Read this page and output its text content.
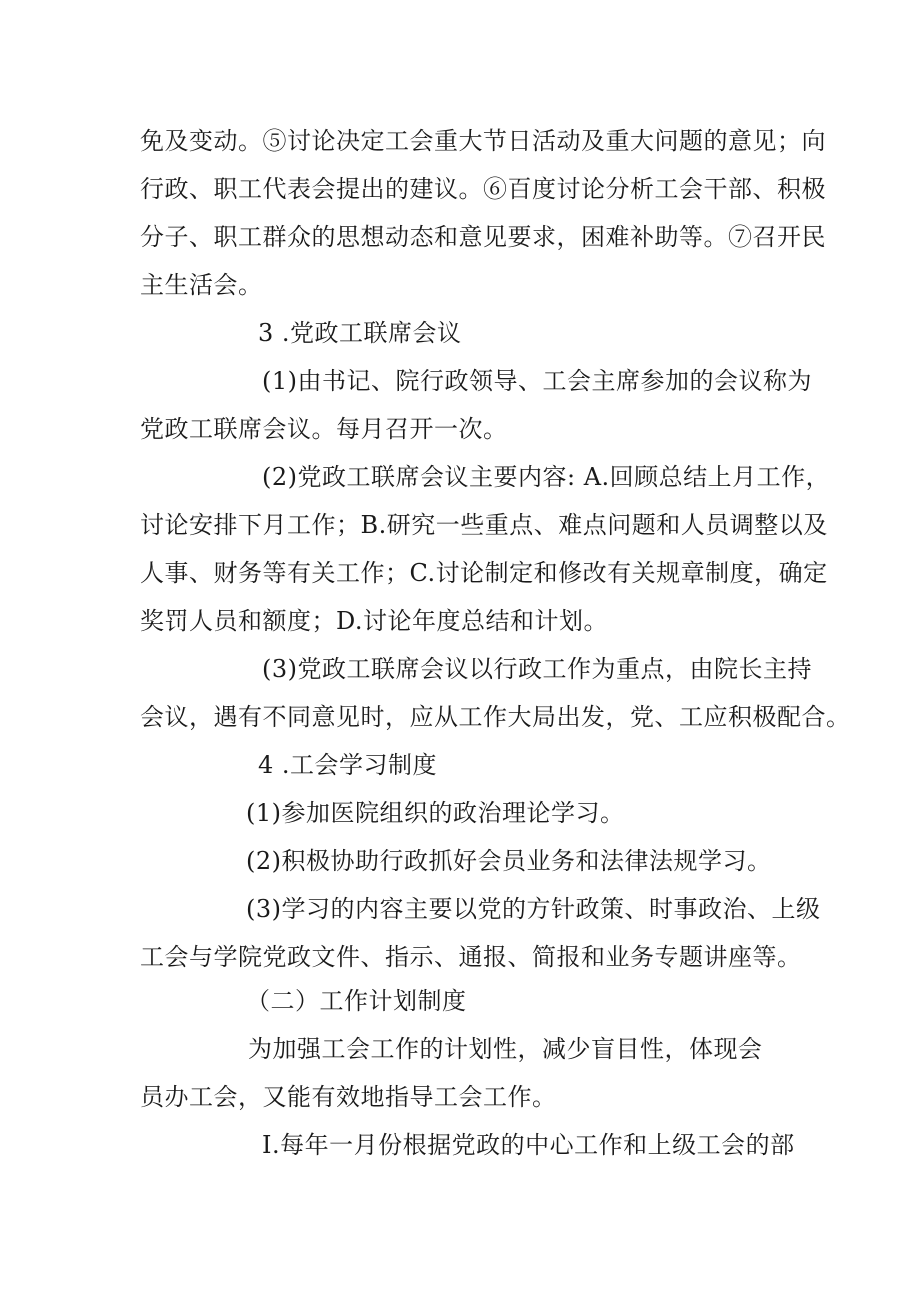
免及变动。⑤讨论决定工会重大节日活动及重大问题的意见；向
行政、职工代表会提出的建议。⑥百度讨论分析工会干部、积极
分子、职工群众的思想动态和意见要求，困难补助等。⑦召开民
主生活会。
3 .党政工联席会议
(1)由书记、院行政领导、工会主席参加的会议称为
党政工联席会议。每月召开一次。
(2)党政工联席会议主要内容: A.回顾总结上月工作，
讨论安排下月工作；B.研究一些重点、难点问题和人员调整以及
人事、财务等有关工作；C.讨论制定和修改有关规章制度，确定
奖罚人员和额度；D.讨论年度总结和计划。
(3)党政工联席会议以行政工作为重点，由院长主持
会议，遇有不同意见时，应从工作大局出发，党、工应积极配合。
4 .工会学习制度
(1)参加医院组织的政治理论学习。
(2)积极协助行政抓好会员业务和法律法规学习。
(3)学习的内容主要以党的方针政策、时事政治、上级
工会与学院党政文件、指示、通报、简报和业务专题讲座等。
（二）工作计划制度
为加强工会工作的计划性，减少盲目性，体现会
员办工会，又能有效地指导工会工作。
I.每年一月份根据党政的中心工作和上级工会的部
